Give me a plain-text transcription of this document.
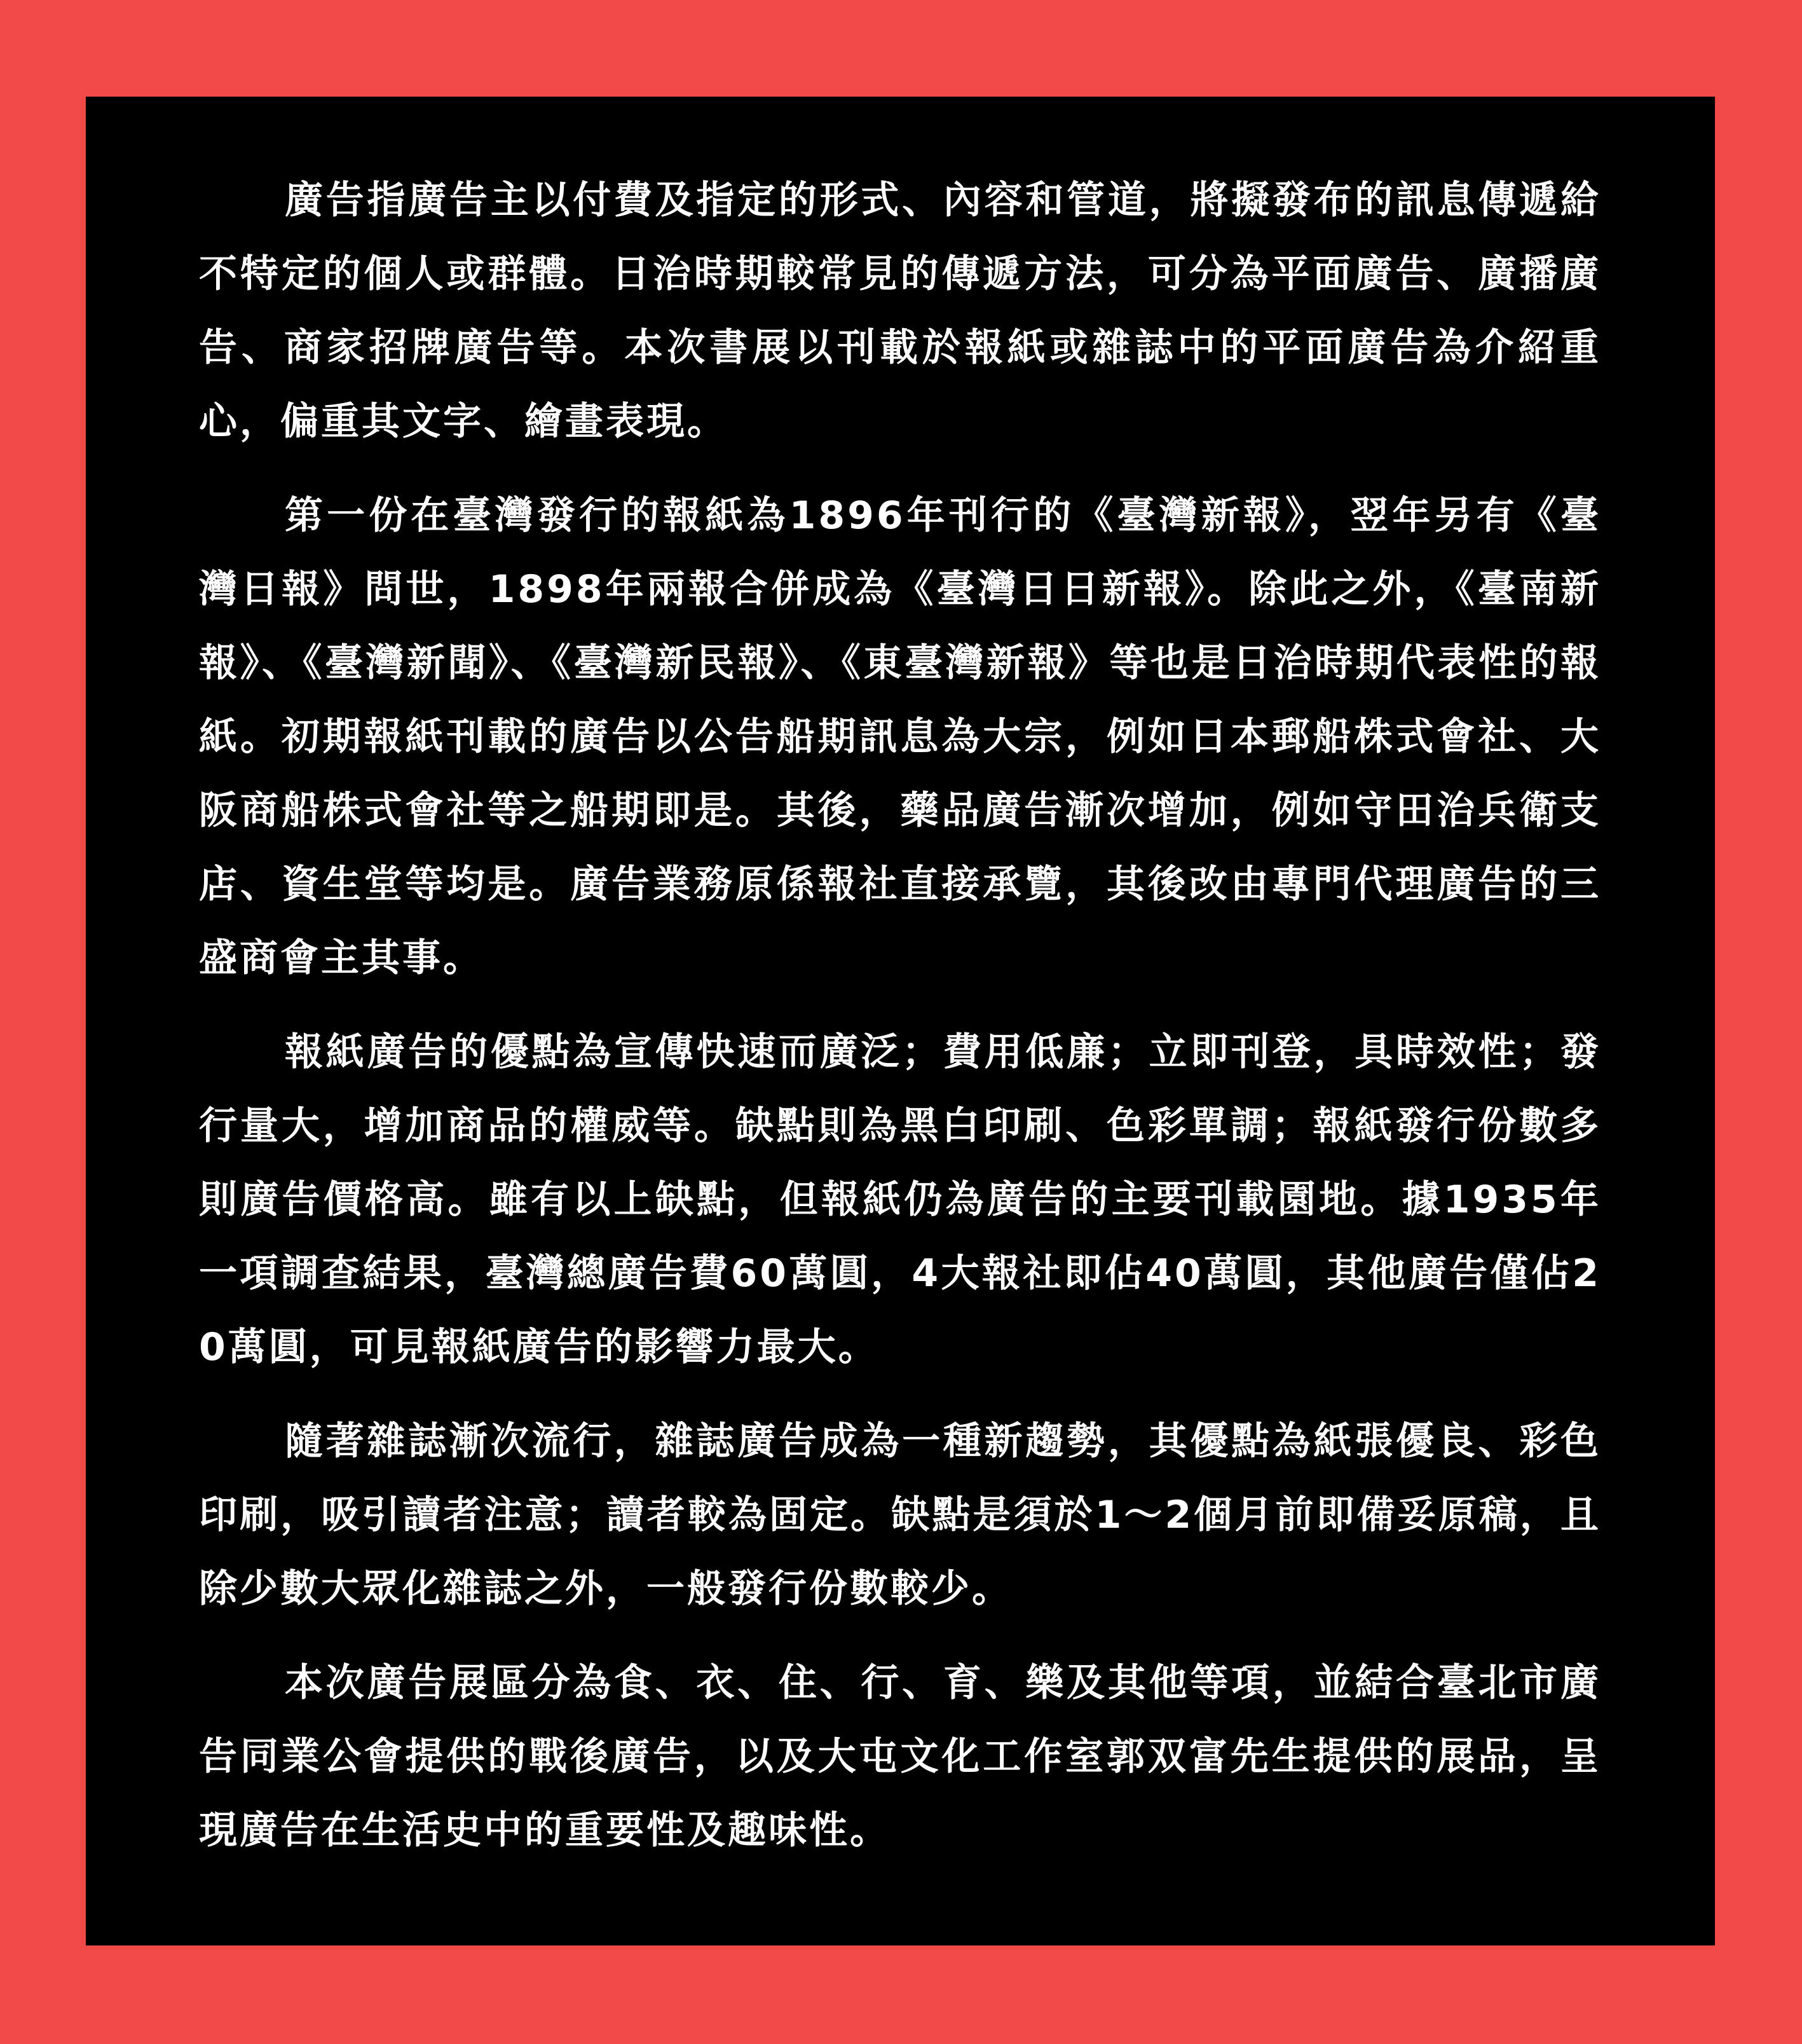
廣告指廣告主以付費及指定的形式、內容和管道，將擬發布的訊息傳遞給不特定的個人或群體。日治時期較常見的傳遞方法，可分為平面廣告、廣播廣告、商家招牌廣告等。本次書展以刊載於報紙或雜誌中的平面廣告為介紹重心，偏重其文字、繪畫表現。

第一份在臺灣發行的報紙為1896年刊行的《臺灣新報》，翌年另有《臺灣日報》問世，1898年兩報合併成為《臺灣日日新報》。除此之外，《臺南新報》、《臺灣新聞》、《臺灣新民報》、《東臺灣新報》等也是日治時期代表性的報紙。初期報紙刊載的廣告以公告船期訊息為大宗，例如日本郵船株式會社、大阪商船株式會社等之船期即是。其後，藥品廣告漸次增加，例如守田治兵衛支店、資生堂等均是。廣告業務原係報社直接承覽，其後改由專門代理廣告的三盛商會主其事。

報紙廣告的優點為宣傳快速而廣泛；費用低廉；立即刊登，具時效性；發行量大，增加商品的權威等。缺點則為黑白印刷、色彩單調；報紙發行份數多則廣告價格高。雖有以上缺點，但報紙仍為廣告的主要刊載園地。據1935年一項調查結果，臺灣總廣告費60萬圓，4大報社即佔40萬圓，其他廣告僅佔20萬圓，可見報紙廣告的影響力最大。

隨著雜誌漸次流行，雜誌廣告成為一種新趨勢，其優點為紙張優良、彩色印刷，吸引讀者注意；讀者較為固定。缺點是須於1～2個月前即備妥原稿，且除少數大眾化雜誌之外，一般發行份數較少。

本次廣告展區分為食、衣、住、行、育、樂及其他等項，並結合臺北市廣告同業公會提供的戰後廣告，以及大屯文化工作室郭双富先生提供的展品，呈現廣告在生活史中的重要性及趣味性。
